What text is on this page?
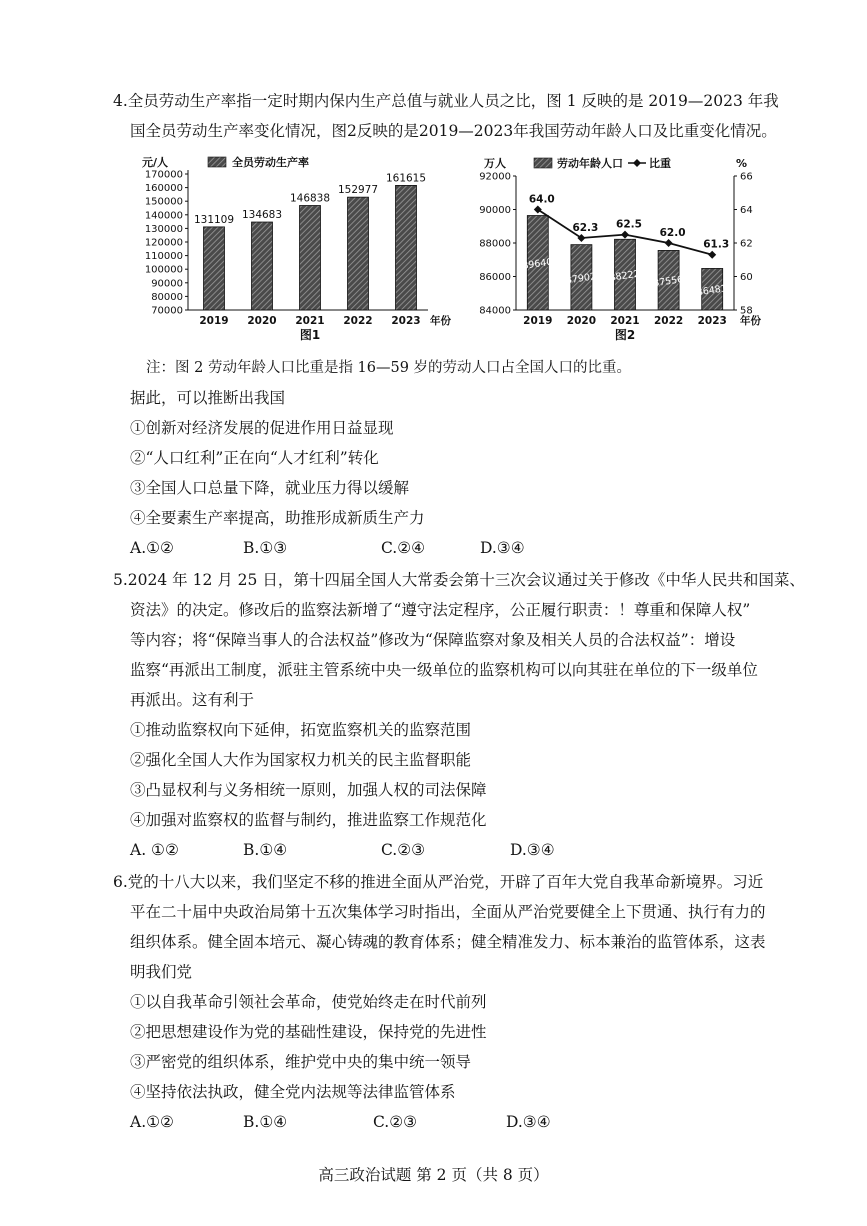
4.全员劳动生产率指一定时期内保内生产总值与就业人员之比，图 1 反映的是 2019—2023 年我
国全员劳动生产率变化情况，图2反映的是2019—2023年我国劳动年龄人口及比重变化情况。
70000
80000
90000
100000
110000
120000
130000
140000
150000
160000
170000
元/人	全员劳动生产率
131109
2019
134683
2020
146838
2021
152977
2022
161615
2023 年份
图1
84000
86000
88000
90000
92000
58
60
62
64
66
万人	%
劳动年龄人口 比重
89640
2019
87902
2020
88222
2021
87556
2022
86481
2023
64.0
62.3 62.5
62.0
61.3
年份
图2
注：图 2 劳动年龄人口比重是指 16—59 岁的劳动人口占全国人口的比重。
据此，可以推断出我国
①创新对经济发展的促进作用日益显现
②“人口红利”正在向“人才红利”转化
③全国人口总量下降，就业压力得以缓解
④全要素生产率提高，助推形成新质生产力
A.①②	B.①③	C.②④	D.③④
5.2024 年 12 月 25 日，第十四届全国人大常委会第十三次会议通过关于修改《中华人民共和国菜、
资法》的决定。修改后的监察法新增了“遵守法定程序，公正履行职责：！尊重和保障人权”
等内容；将“保障当事人的合法权益”修改为“保障监察对象及相关人员的合法权益”：增设
监察“再派出工制度，派驻主管系统中央一级单位的监察机构可以向其驻在单位的下一级单位
再派出。这有利于
①推动监察权向下延伸，拓宽监察机关的监察范围
②强化全国人大作为国家权力机关的民主监督职能
③凸显权利与义务相统一原则，加强人权的司法保障
④加强对监察权的监督与制约，推进监察工作规范化
A. ①②	B.①④	C.②③	D.③④
6.党的十八大以来，我们坚定不移的推进全面从严治党，开辟了百年大党自我革命新境界。习近
平在二十届中央政治局第十五次集体学习时指出，全面从严治党要健全上下贯通、执行有力的
组织体系。健全固本培元、凝心铸魂的教育体系；健全精准发力、标本兼治的监管体系，这表
明我们党
①以自我革命引领社会革命，使党始终走在时代前列
②把思想建设作为党的基础性建设，保持党的先进性
③严密党的组织体系，维护党中央的集中统一领导
④坚持依法执政，健全党内法规等法律监管体系
A.①②	B.①④	C.②③	D.③④
高三政治试题 第 2 页（共 8 页）
